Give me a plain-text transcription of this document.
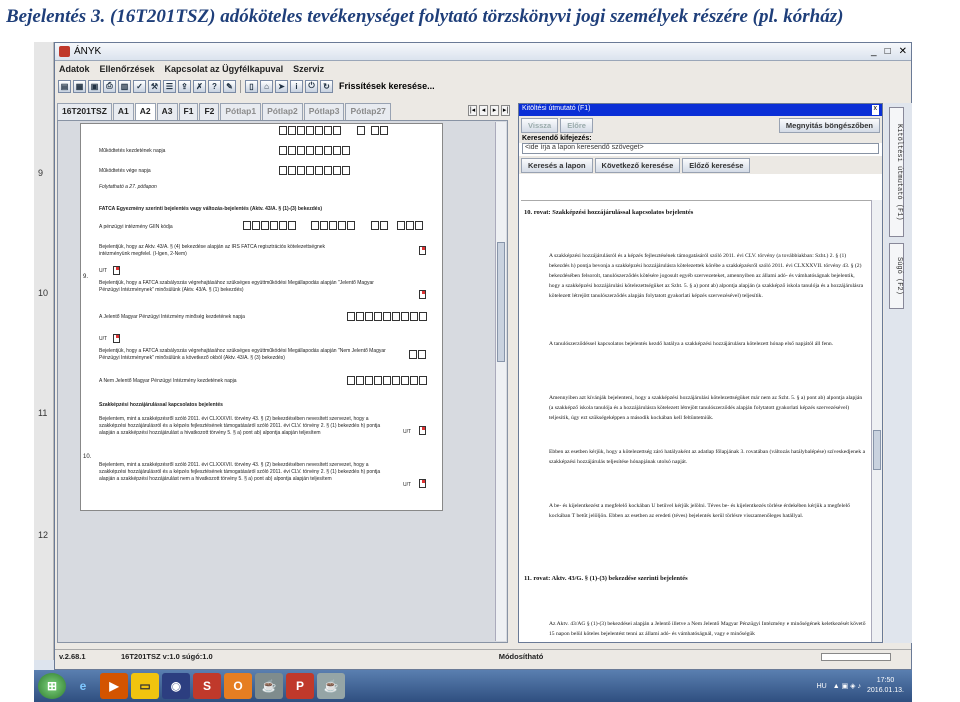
Bejelentés 3. (16T201TSZ) adóköteles tevékenységet folytató törzskönyvi jogi személyek részére (pl. kórház)
9
10
11
12
ÁNYK	_ □ ✕
Adatok Ellenőrzések Kapcsolat az Ügyfélkapuval Szerviz
▤ ▦ ▣	⎙	▥ ✓	⚒ ☰	⇪	✗	?	✎	▯	⌂	➤	i	⏻	↻	Frissítések keresése...
16T201TSZ	A1	A2	A3	F1	F2	Pótlap1	Pótlap2	Pótlap3	Pótlap27	|◂ ◂	▸ ▸|
Működtetés kezdetének napja
Működtetés vége napja
Folytatható a 27. pótlapon
FATCA Egyezmény szerinti bejelentés vagy változás-bejelentés (Aktv. 43/A. § (1)-(3) bekezdés)
A pénzügyi intézmény GIIN kódja
Bejelentjük, hogy az Aktv. 43/A. § (4) bekezdése alapján az IRS FATCA regisztrációs kötelezettségnek intézményünk megfelel. (I-Igen, 2-Nem)
9.
U/T
Bejelentjük, hogy a FATCA szabályozás végrehajtásához szükséges együttműködési Megállapodás alapján "Jelentő Magyar Pénzügyi Intézménynek" minősülünk (Aktv. 43/A. § (1) bekezdés)
A Jelentő Magyar Pénzügyi Intézmény minőség kezdetének napja
U/T
Bejelentjük, hogy a FATCA szabályozás végrehajtásához szükséges együttműködési Megállapodás alapján "Nem Jelentő Magyar Pénzügyi Intézménynek" minősülünk a következő okból (Aktv. 43/A. § (3) bekezdés)
A Nem Jelentő Magyar Pénzügyi Intézmény kezdetének napja
Szakképzési hozzájárulással kapcsolatos bejelentés
Bejelentem, mint a szakképzésről szóló 2011. évi CLXXXVII. törvény 43. § (2) bekezdésében nevesített szervezet, hogy a szakképzési hozzájárulásról és a képzés fejlesztésének támogatásáról szóló 2011. évi CLV. törvény 2. § (1) bekezdés h) pontja alapján a szakképzési hozzájárulást a hivatkozott törvény 5. § a) pont ab) alpontja alapján teljesítem	U/T
10.
Bejelentem, mint a szakképzésről szóló 2011. évi CLXXXVII. törvény 43. § (2) bekezdésében nevesített szervezet, hogy a szakképzési hozzájárulásról és a képzés fejlesztésének támogatásáról szóló 2011. évi CLV. törvény 2. § (1) bekezdés h) pontja alapján a szakképzési hozzájárulást nem a hivatkozott törvény 5. § a) pont ab) alpontja alapján teljesítem
U/T
Kitöltési útmutató (F1)	x
Vissza	Előre	Megnyitás böngészőben
Keresendő kifejezés:
<ide írja a lapon keresendő szöveget>
Keresés a lapon	Következő keresése	Előző keresése
10. rovat: Szakképzési hozzájárulással kapcsolatos bejelentés
A szakképzési hozzájárulásról és a képzés fejlesztésének támogatásáról szóló 2011. évi CLV. törvény (a továbbiakban: Szht.) 2. § (1) bekezdés h) pontja bevonja a szakképzési hozzájárulásra kötelezettek körébe a szakképzésről szóló 2011. évi CLXXXVII. törvény 43. § (2) bekezdésében felsorolt, tanulószerződés kötésére jogosult egyéb szervezeteket, amennyiben az állami adó- és vámhatóságnak bejelentik, hogy a szakképzési hozzájárulási kötelezettségüket az Szht. 5. § a) pont ab) alpontja alapján (a szakképző iskola tanulója és a hozzájárulásra kötelezett létrejött tanulószerződés alapján folytatott gyakorlati képzés szervezésével) teljesítik.
A tanulószerződéssel kapcsolatos bejelentés kezdő hatálya a szakképzési hozzájárulásra kötelezett hónap első napjától áll fenn.
Amennyiben azt kívánják bejelenteni, hogy a szakképzési hozzájárulási kötelezettségüket már nem az Szht. 5. § a) pont ab) alpontja alapján (a szakképző iskola tanulója és a hozzájárulásra kötelezett létrejött tanulószerződés alapján folytatott gyakorlati képzés szervezésével) teljesítik, úgy ezt szükségeképpen a második kockában kell feltüntetniük.
Ebben az esetben kérjük, hogy a kötelezettség záró hatályaként az adatlap főlapjának 3. rovatában (változás hatálybalépése) szíveskedjenek a szakképzési hozzájárulás teljesítése hónapjának utolsó napját.
A be- és kijelentkezést a megfelelő kockában U betűvel kérjük jelölni. Téves be- és kijelentkezés törlése érdekében kérjük a megfelelő kockában T betűt jelöljön. Ebben az esetben az eredeti (téves) bejelentés kerül törlésre visszamenőleges hatállyal.
11. rovat: Aktv. 43/G. § (1)-(3) bekezdése szerinti bejelentés
Az Aktv. 43/AG § (1)-(3) bekezdései alapján a Jelentő illetve a Nem Jelentő Magyar Pénzügyi Intézmény e minőségének keletkezését követő 15 napon belül köteles bejelentést tenni az állami adó- és vámhatóságnál, vagy e minőségük
Kitöltési útmutató (F1)
Súgó (F2)
v.2.68.1	16T201TSZ v:1.0 súgó:1.0	Módosítható
⊞	e	▶	▭	◉	S	O	☕	P	☕	HU ▲ ▣ ◈ ♪
17:50
2016.01.13.
